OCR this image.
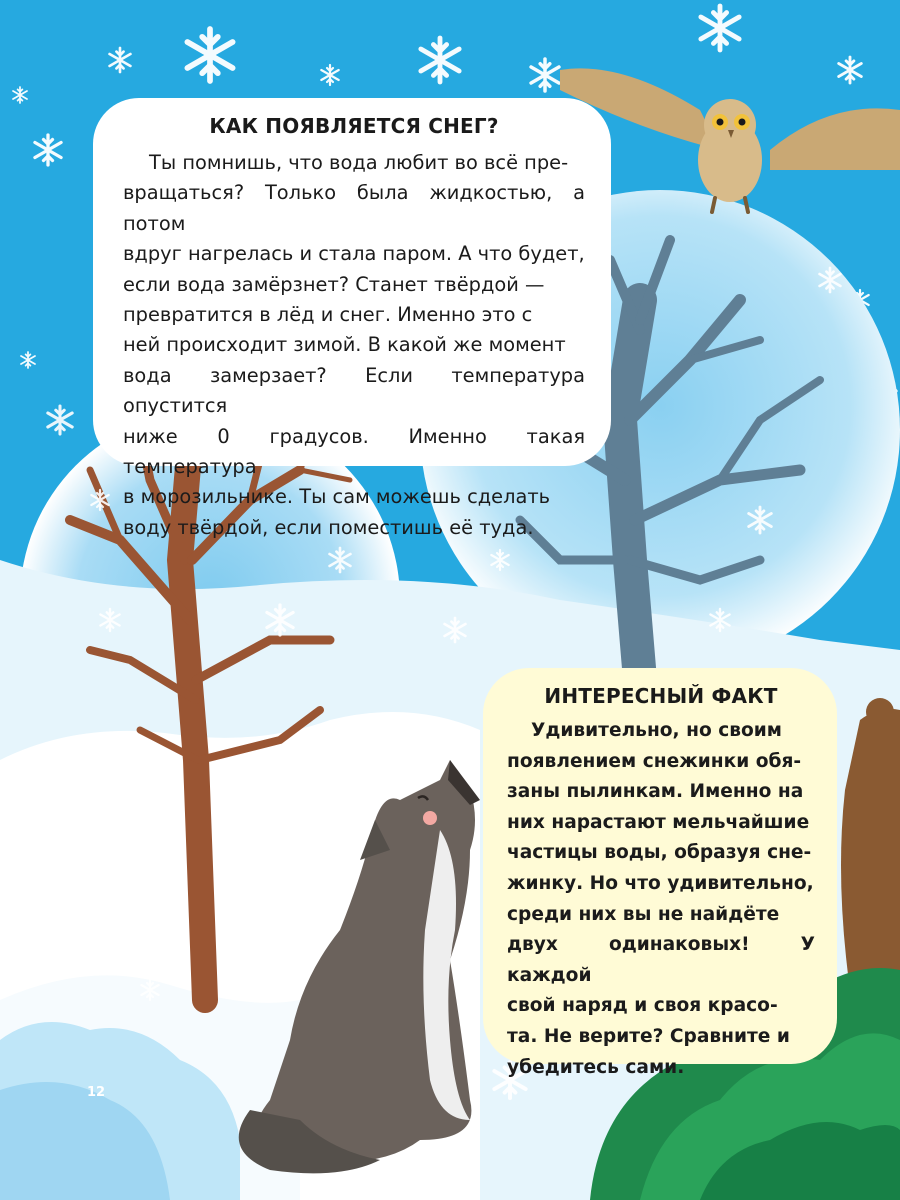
КАК ПОЯВЛЯЕТСЯ СНЕГ?

Ты помнишь, что вода любит во всё пре-

вращаться? Только была жидкостью, а потом

вдруг нагрелась и стала паром. А что будет,

если вода замёрзнет? Станет твёрдой —

превратится в лёд и снег. Именно это с

ней происходит зимой. В какой же момент

вода замерзает? Если температура опустится

ниже 0 градусов. Именно такая температура

в морозильнике. Ты сам можешь сделать

воду твёрдой, если поместишь её туда.

ИНТЕРЕСНЫЙ ФАКТ

Удивительно, но своим

появлением снежинки обя-

заны пылинкам. Именно на

них нарастают мельчайшие

частицы воды, образуя сне-

жинку. Но что удивительно,

среди них вы не найдёте

двух одинаковых! У каждой

свой наряд и своя красо-

та. Не верите? Сравните и

убедитесь сами.

12
